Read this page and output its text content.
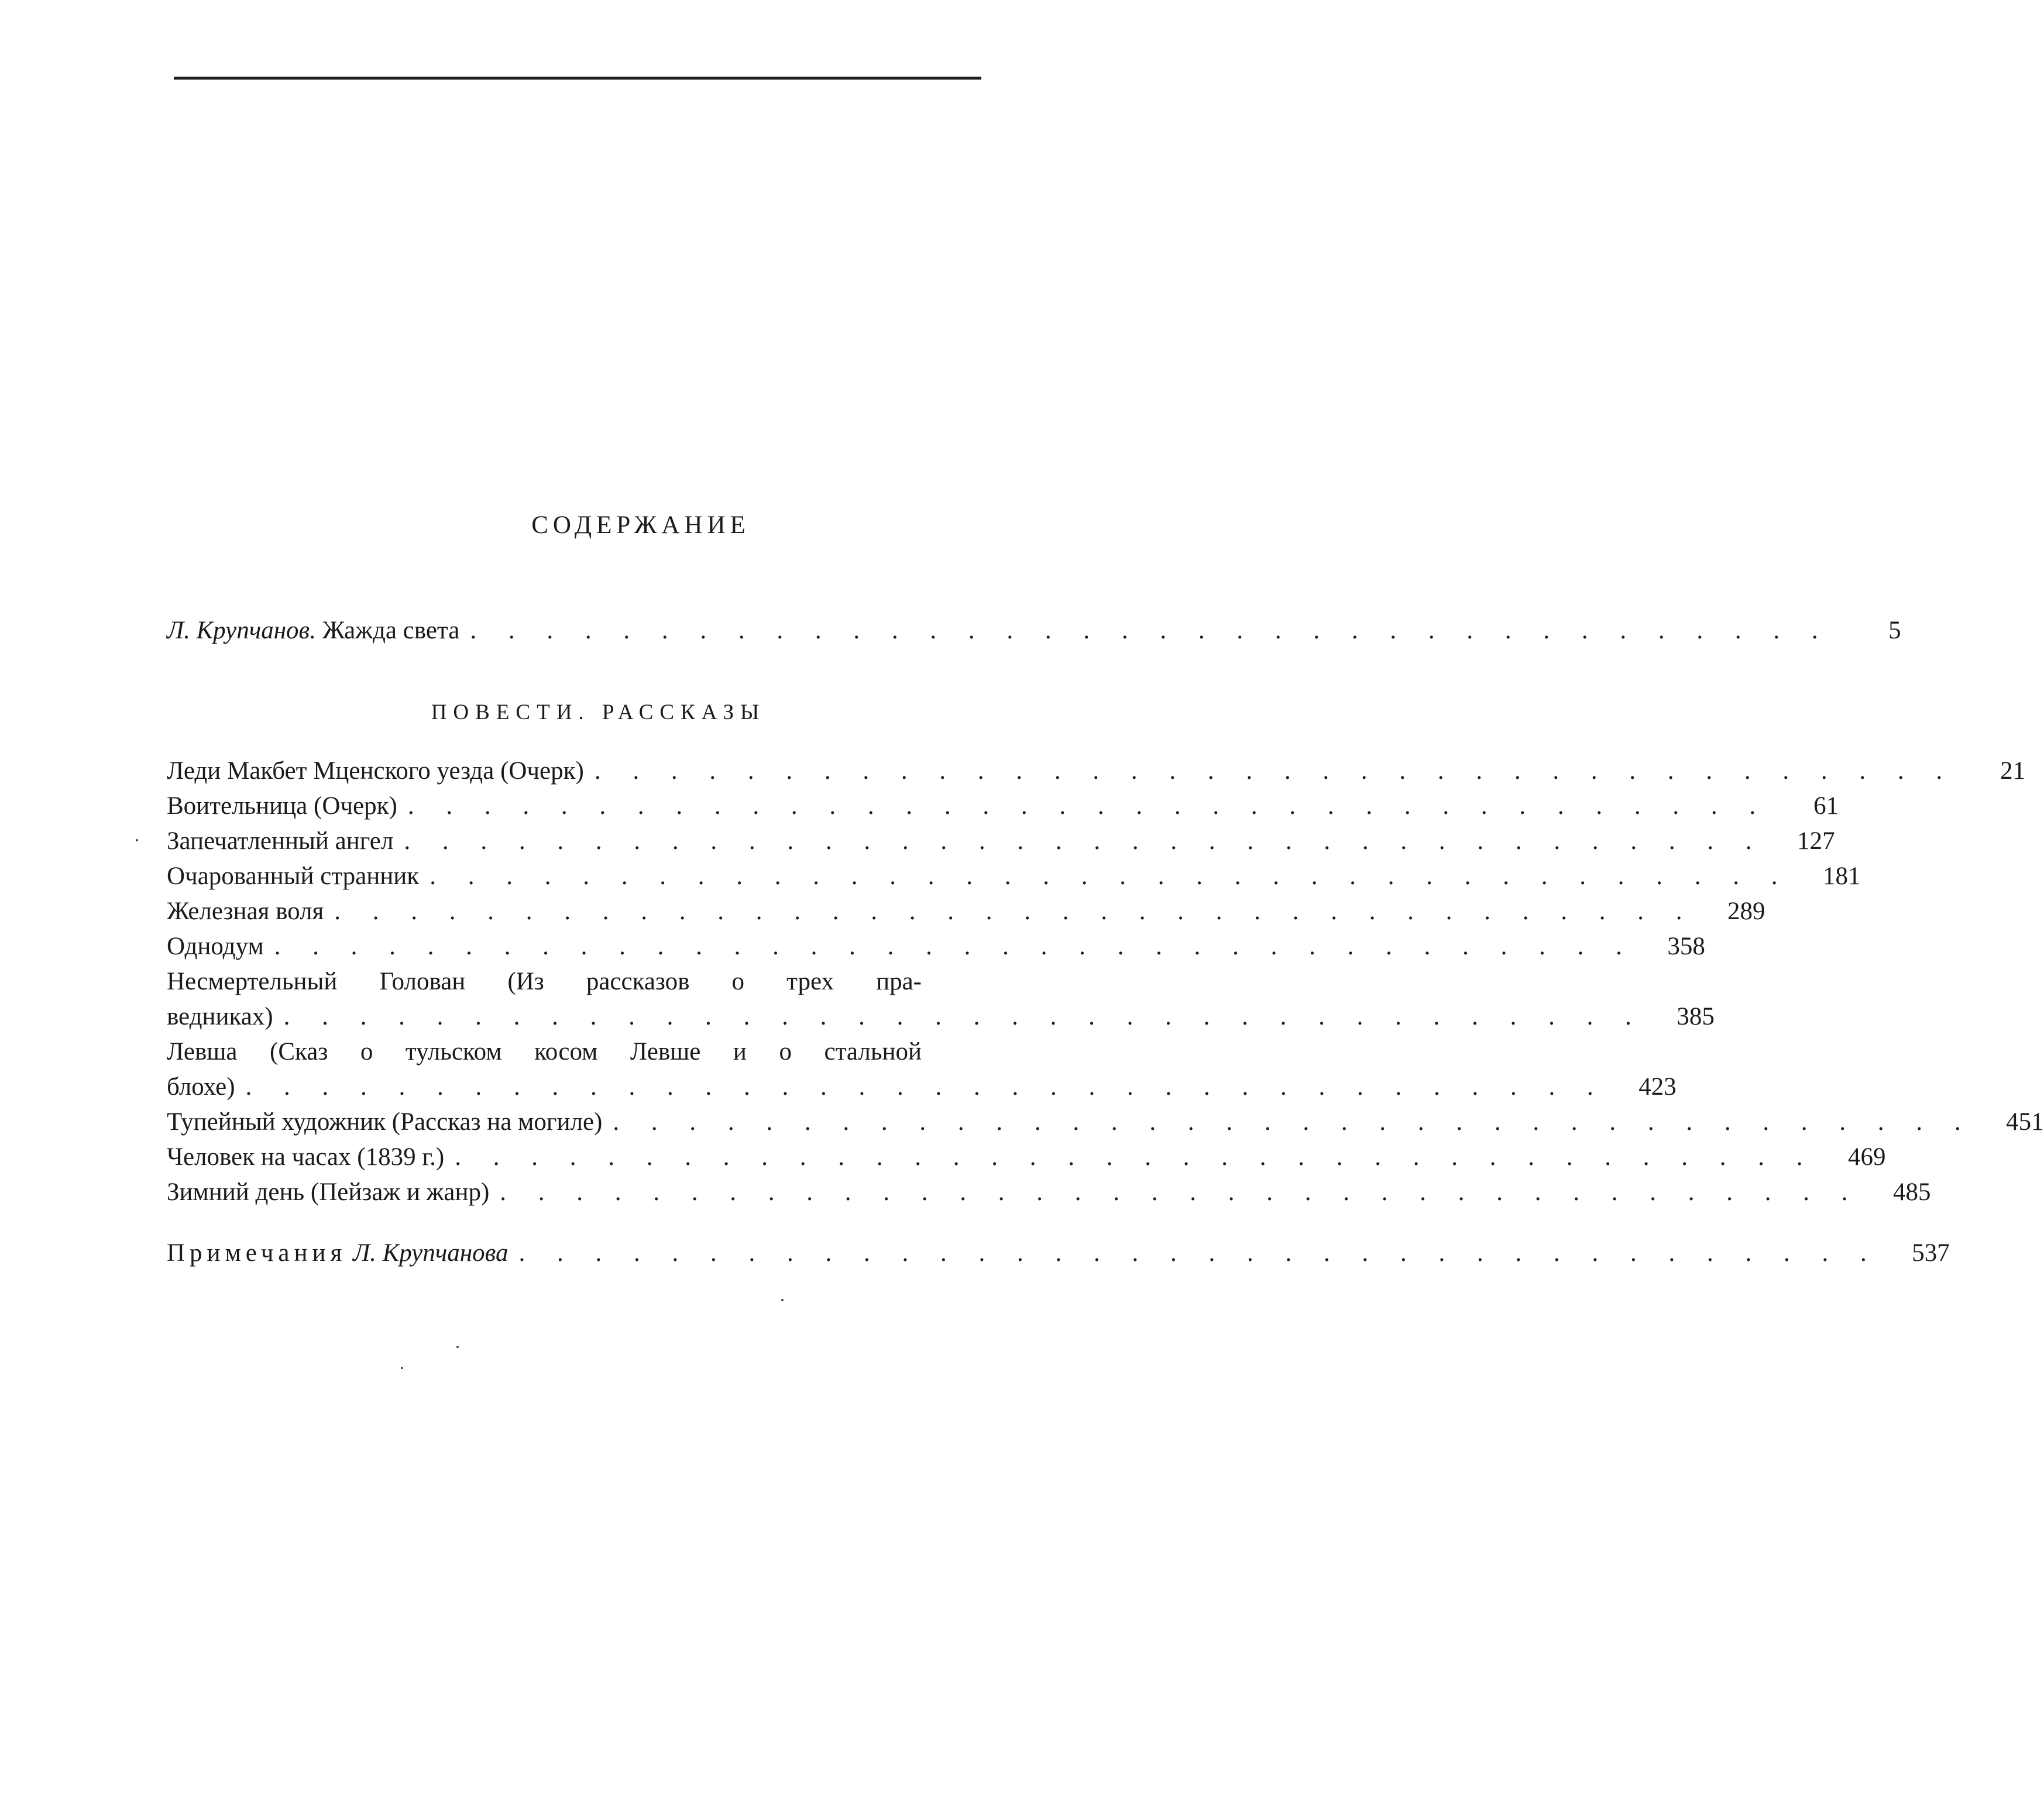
СОДЕРЖАНИЕ
Л. Крупчанов. Жажда света . . . . . . . . . . . . . . . . . . . . . . . . . . . . . . . . . . . .	5
ПОВЕСТИ. РАССКАЗЫ
Леди Макбет Мценского уезда (Очерк) . . . . . . . . . . . . . . . . . . . . . . . . . . . . . . . . . . . .	21
Воительница (Очерк) . . . . . . . . . . . . . . . . . . . . . . . . . . . . . . . . . . . .	61
Запечатленный ангел . . . . . . . . . . . . . . . . . . . . . . . . . . . . . . . . . . . .	127
Очарованный странник . . . . . . . . . . . . . . . . . . . . . . . . . . . . . . . . . . . .	181
Железная воля . . . . . . . . . . . . . . . . . . . . . . . . . . . . . . . . . . . .	289
Однодум . . . . . . . . . . . . . . . . . . . . . . . . . . . . . . . . . . . .	358
Несмертельный Голован (Из рассказов о трех пра-
ведниках) . . . . . . . . . . . . . . . . . . . . . . . . . . . . . . . . . . . .	385
Левша (Сказ о тульском косом Левше и о стальной
блохе) . . . . . . . . . . . . . . . . . . . . . . . . . . . . . . . . . . . .	423
Тупейный художник (Рассказ на могиле) . . . . . . . . . . . . . . . . . . . . . . . . . . . . . . . . . . . .	451
Человек на часах (1839 г.) . . . . . . . . . . . . . . . . . . . . . . . . . . . . . . . . . . . .	469
Зимний день (Пейзаж и жанр) . . . . . . . . . . . . . . . . . . . . . . . . . . . . . . . . . . . .	485
Примечания Л. Крупчанова . . . . . . . . . . . . . . . . . . . . . . . . . . . . . . . . . . . .	537
